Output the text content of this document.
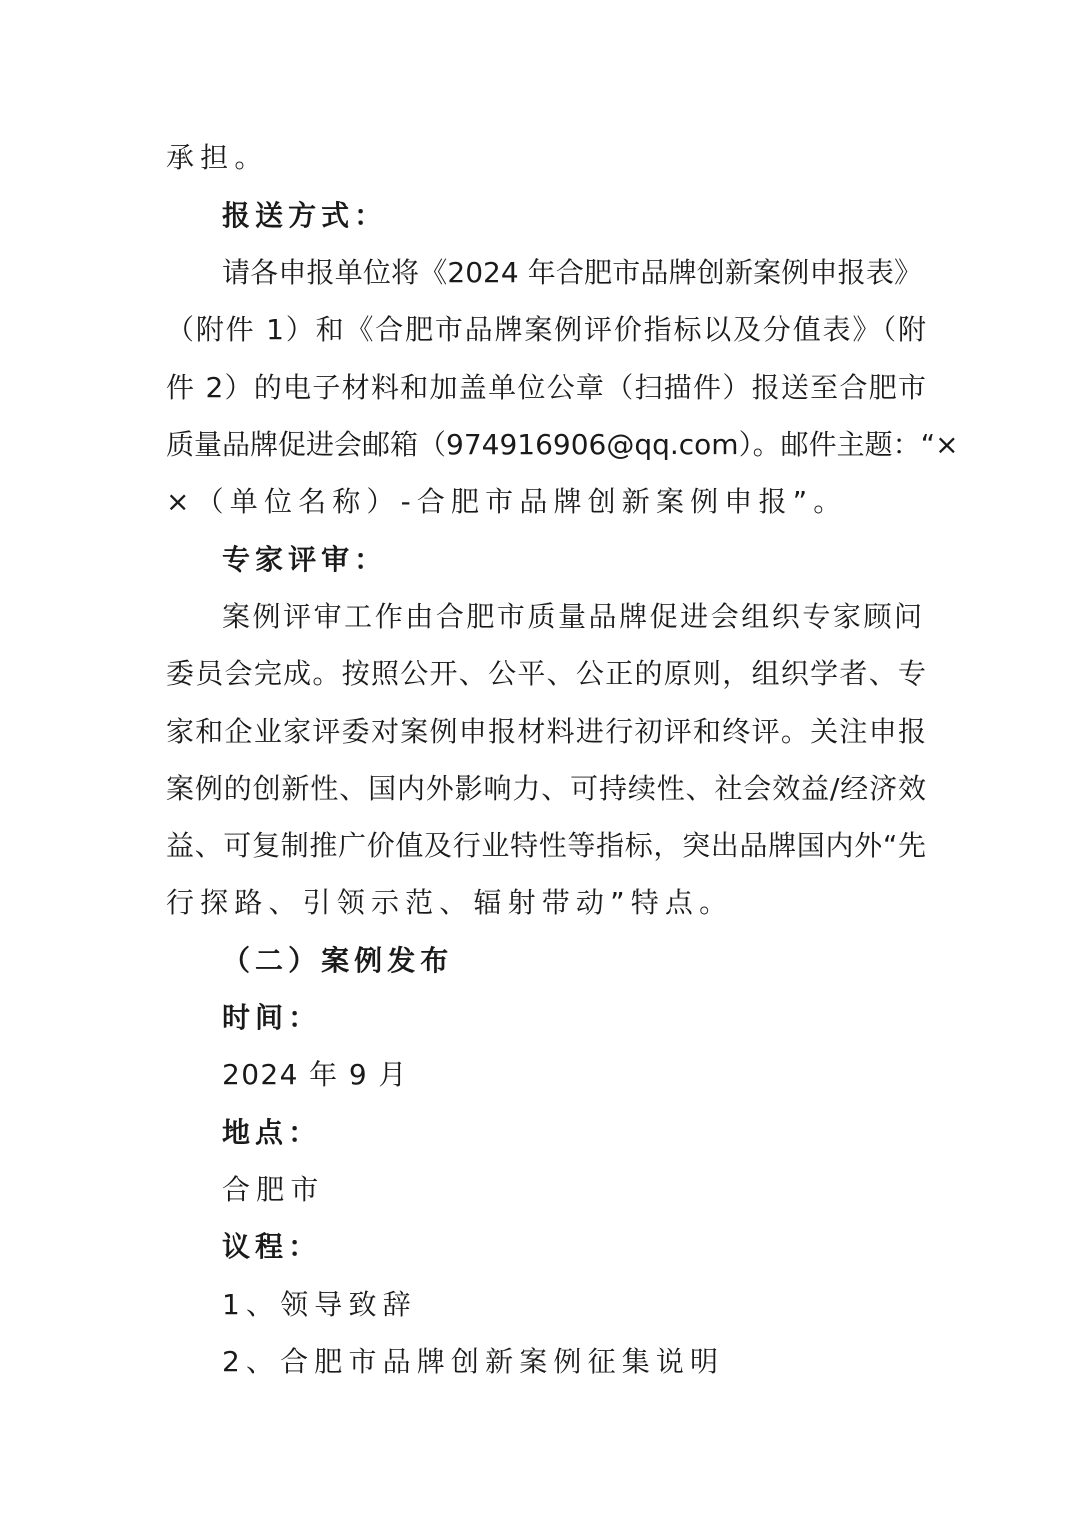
承担。
报送方式：
请各申报单位将《2024 年合肥市品牌创新案例申报表》
（附件 1）和《合肥市品牌案例评价指标以及分值表》（附
件 2）的电子材料和加盖单位公章（扫描件）报送至合肥市
质量品牌促进会邮箱（974916906@qq.com）。邮件主题：“×
×（单位名称）-合肥市品牌创新案例申报”。
专家评审：
案例评审工作由合肥市质量品牌促进会组织专家顾问
委员会完成。按照公开、公平、公正的原则，组织学者、专
家和企业家评委对案例申报材料进行初评和终评。关注申报
案例的创新性、国内外影响力、可持续性、社会效益/经济效
益、可复制推广价值及行业特性等指标，突出品牌国内外“先
行探路、引领示范、辐射带动”特点。
（二）案例发布
时间：
2024 年 9 月
地点：
合肥市
议程：
1、领导致辞
2、合肥市品牌创新案例征集说明
